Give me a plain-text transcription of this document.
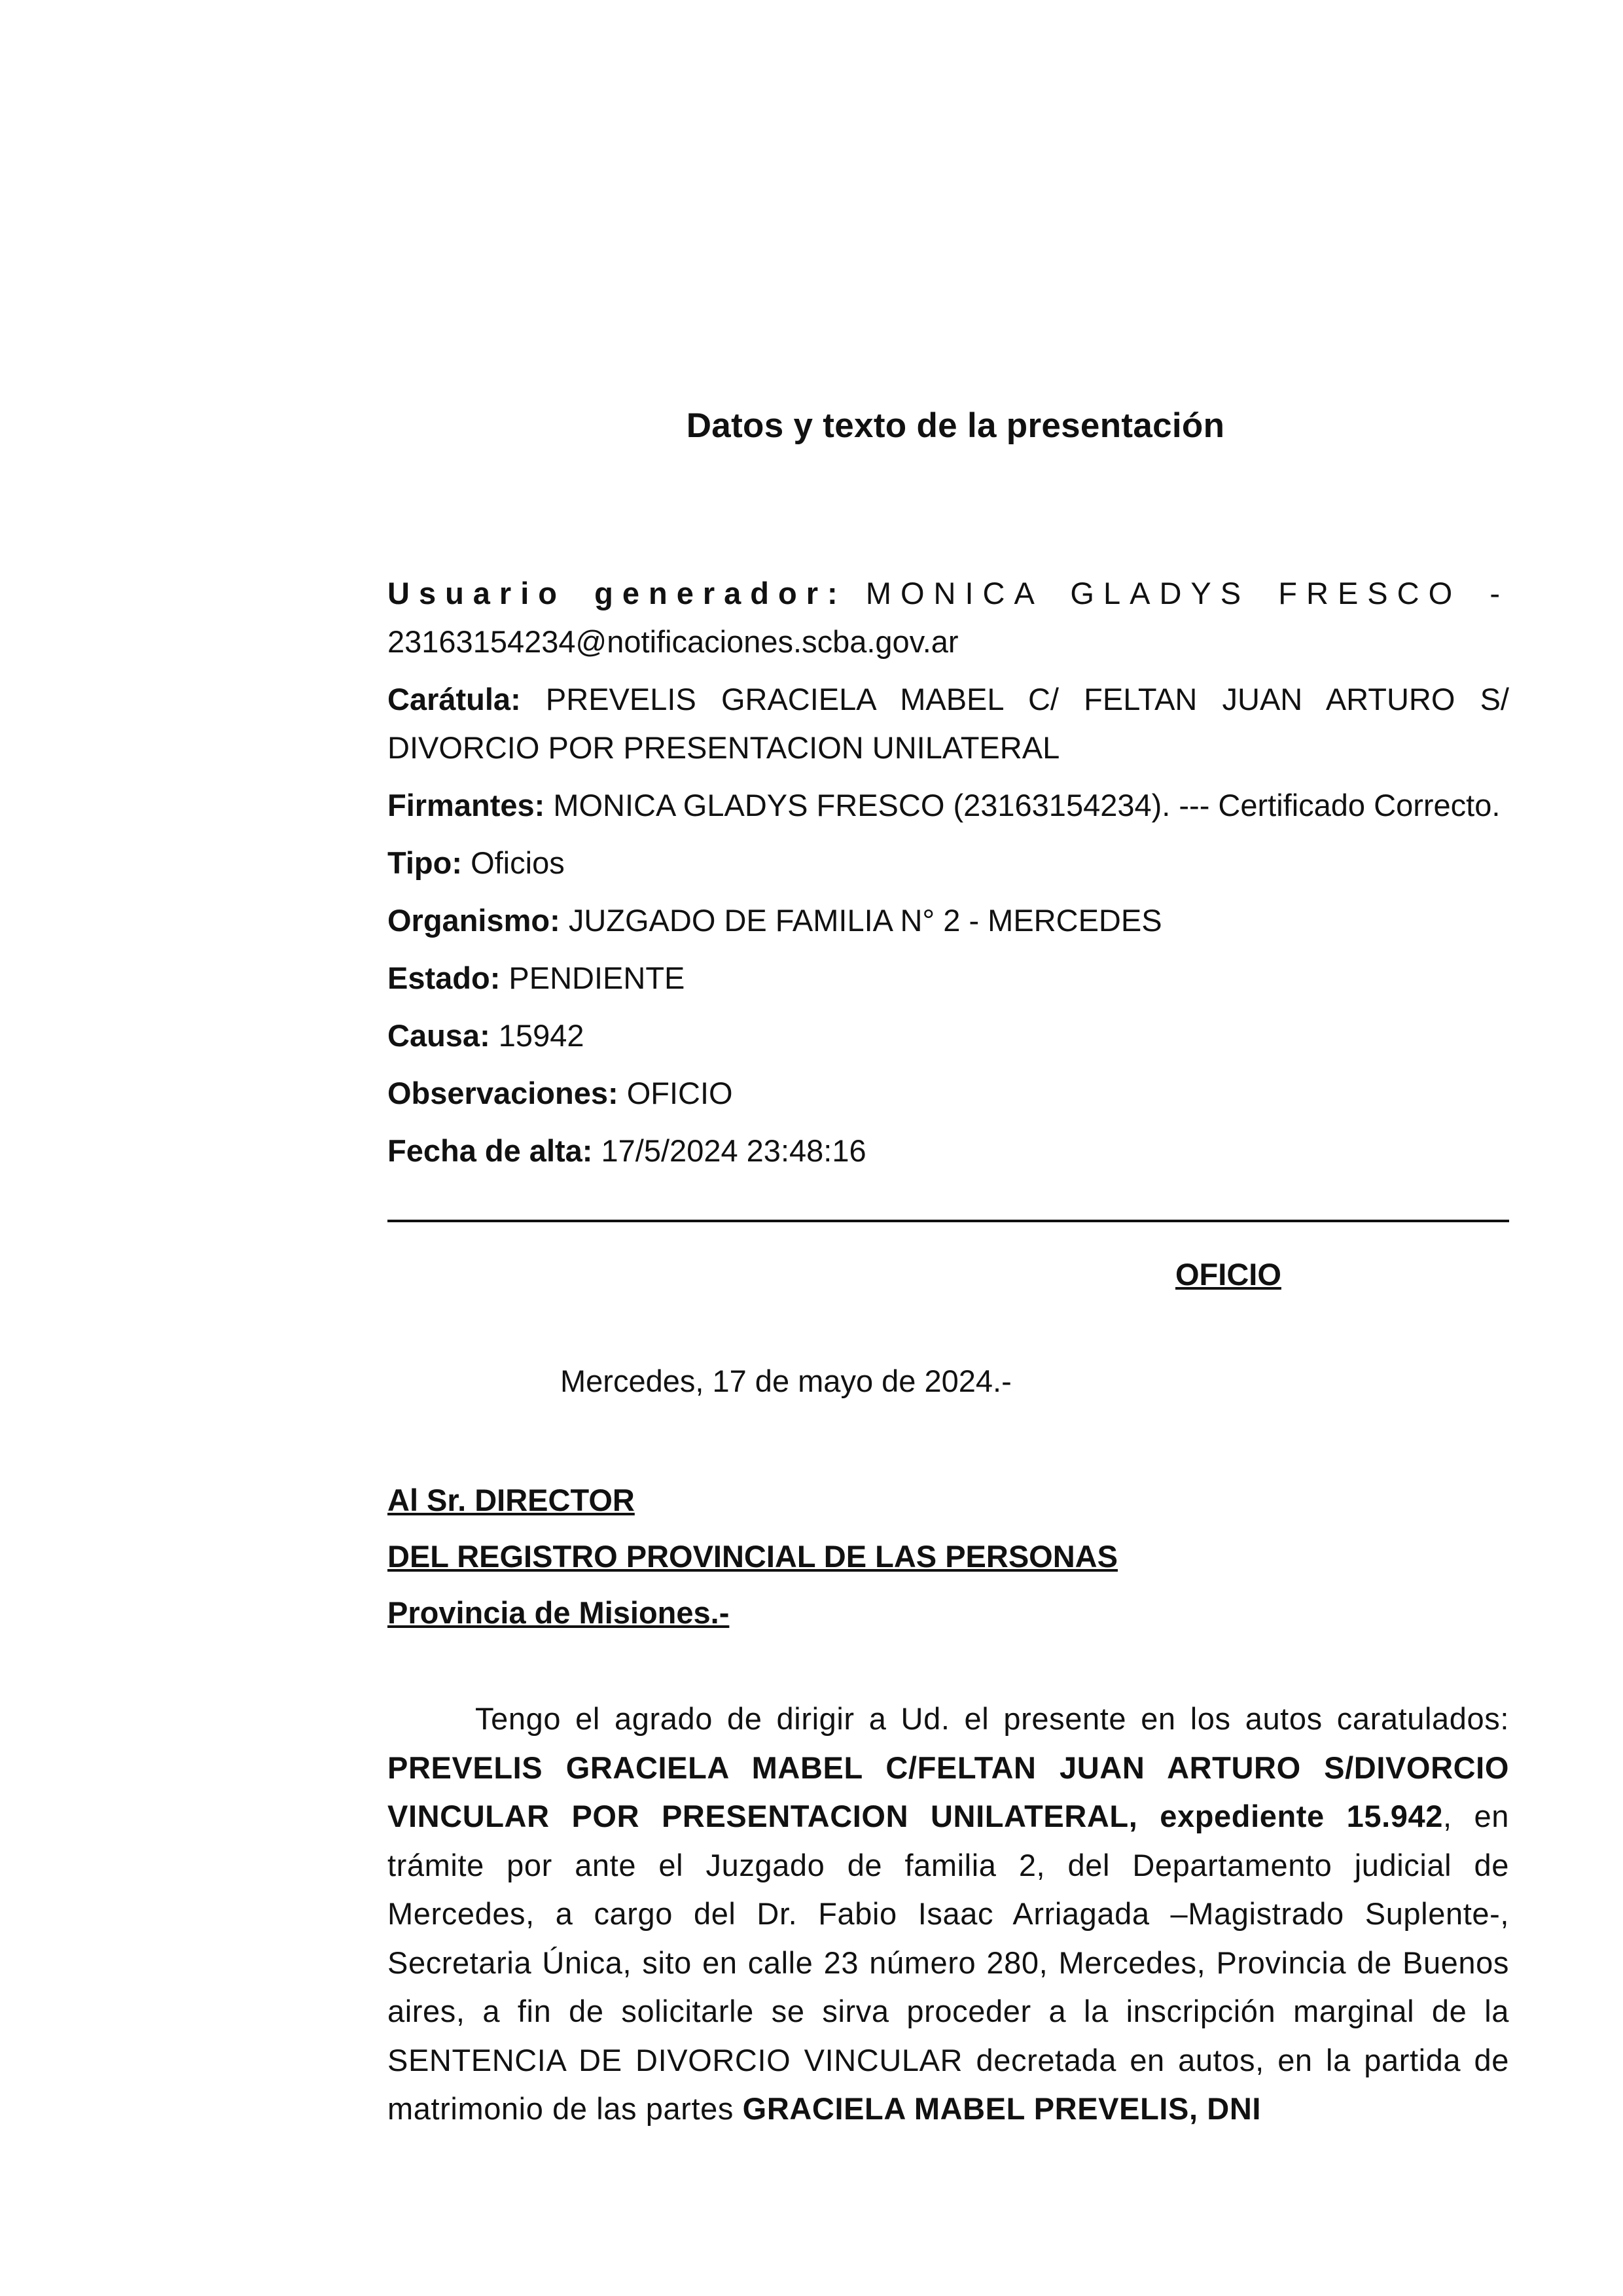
Datos y texto de la presentación
Usuario generador: MONICA GLADYS FRESCO -
23163154234@notificaciones.scba.gov.ar
Carátula: PREVELIS GRACIELA MABEL C/ FELTAN JUAN ARTURO S/ DIVORCIO POR PRESENTACION UNILATERAL
Firmantes: MONICA GLADYS FRESCO (23163154234). --- Certificado Correcto.
Tipo: Oficios
Organismo: JUZGADO DE FAMILIA N° 2 - MERCEDES
Estado: PENDIENTE
Causa: 15942
Observaciones: OFICIO
Fecha de alta: 17/5/2024 23:48:16
OFICIO
Mercedes, 17 de mayo de 2024.-
Al Sr. DIRECTOR
DEL REGISTRO PROVINCIAL DE LAS PERSONAS
Provincia de Misiones.-
Tengo el agrado de dirigir a Ud. el presente en los autos caratulados: PREVELIS GRACIELA MABEL C/FELTAN JUAN ARTURO S/DIVORCIO VINCULAR POR PRESENTACION UNILATERAL, expediente 15.942, en trámite por ante el Juzgado de familia 2, del Departamento judicial de Mercedes, a cargo del Dr. Fabio Isaac Arriagada –Magistrado Suplente-, Secretaria Única, sito en calle 23 número 280, Mercedes, Provincia de Buenos aires, a fin de solicitarle se sirva proceder a la inscripción marginal de la SENTENCIA DE DIVORCIO VINCULAR decretada en autos, en la partida de matrimonio de las partes GRACIELA MABEL PREVELIS, DNI
